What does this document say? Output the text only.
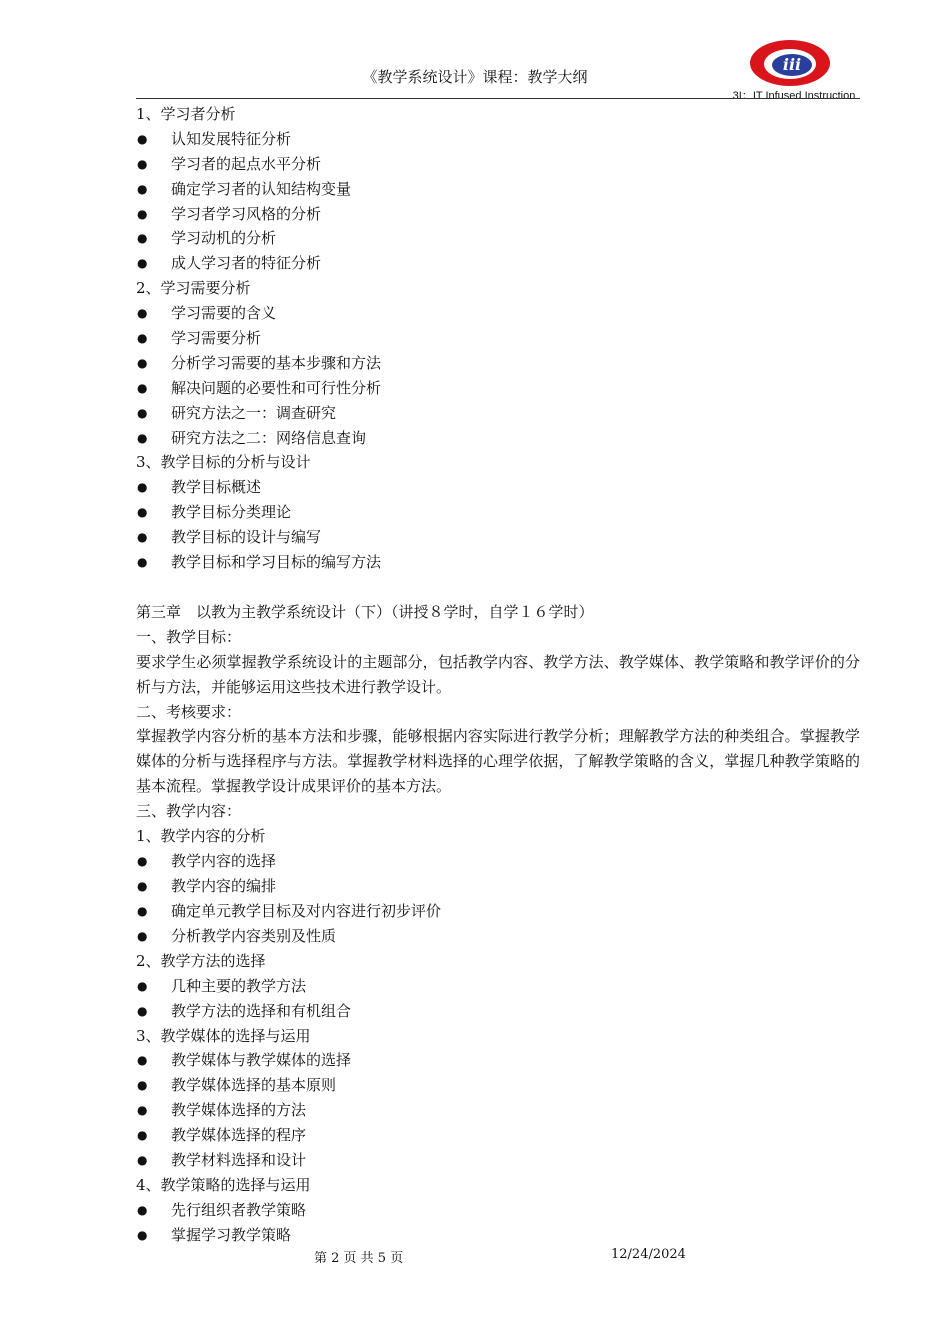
《教学系统设计》课程：教学大纲
iii
3I：IT Infused Instruction
1、学习者分析
● 认知发展特征分析
● 学习者的起点水平分析
● 确定学习者的认知结构变量
● 学习者学习风格的分析
● 学习动机的分析
● 成人学习者的特征分析
2、学习需要分析
● 学习需要的含义
● 学习需要分析
● 分析学习需要的基本步骤和方法
● 解决问题的必要性和可行性分析
● 研究方法之一：调查研究
● 研究方法之二：网络信息查询
3、教学目标的分析与设计
● 教学目标概述
● 教学目标分类理论
● 教学目标的设计与编写
● 教学目标和学习目标的编写方法
第三章　以教为主教学系统设计（下）（讲授８学时，自学１６学时）
一、教学目标：
要求学生必须掌握教学系统设计的主题部分，包括教学内容、教学方法、教学媒体、教学策略和教学评价的分析与方法，并能够运用这些技术进行教学设计。
二、考核要求：
掌握教学内容分析的基本方法和步骤，能够根据内容实际进行教学分析；理解教学方法的种类组合。掌握教学媒体的分析与选择程序与方法。掌握教学材料选择的心理学依据，了解教学策略的含义，掌握几种教学策略的基本流程。掌握教学设计成果评价的基本方法。
三、教学内容：
1、教学内容的分析
● 教学内容的选择
● 教学内容的编排
● 确定单元教学目标及对内容进行初步评价
● 分析教学内容类别及性质
2、教学方法的选择
● 几种主要的教学方法
● 教学方法的选择和有机组合
3、教学媒体的选择与运用
● 教学媒体与教学媒体的选择
● 教学媒体选择的基本原则
● 教学媒体选择的方法
● 教学媒体选择的程序
● 教学材料选择和设计
4、教学策略的选择与运用
● 先行组织者教学策略
● 掌握学习教学策略
第 2 页 共 5 页	12/24/2024
